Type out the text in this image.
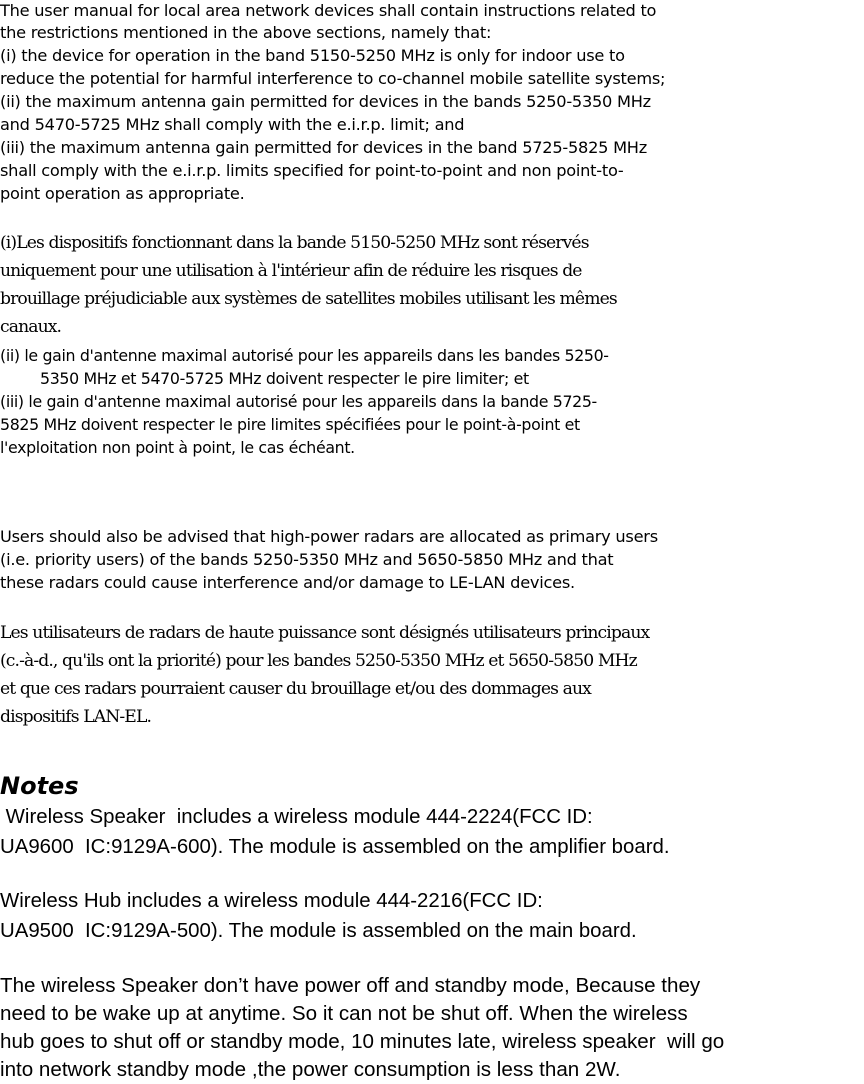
The user manual for local area network devices shall contain instructions related to

the restrictions mentioned in the above sections, namely that:

(i) the device for operation in the band 5150-5250 MHz is only for indoor use to

reduce the potential for harmful interference to co-channel mobile satellite systems;

(ii) the maximum antenna gain permitted for devices in the bands 5250-5350 MHz

and 5470-5725 MHz shall comply with the e.i.r.p. limit; and

(iii) the maximum antenna gain permitted for devices in the band 5725-5825 MHz

shall comply with the e.i.r.p. limits specified for point-to-point and non point-to-

point operation as appropriate.

(i)Les dispositifs fonctionnant dans la bande 5150-5250 MHz sont réservés

uniquement pour une utilisation à l'intérieur afin de réduire les risques de

brouillage préjudiciable aux systèmes de satellites mobiles utilisant les mêmes

canaux.

(ii) le gain d'antenne maximal autorisé pour les appareils dans les bandes 5250-

5350 MHz et 5470-5725 MHz doivent respecter le pire limiter; et

(iii) le gain d'antenne maximal autorisé pour les appareils dans la bande 5725-

5825 MHz doivent respecter le pire limites spécifiées pour le point-à-point et

l'exploitation non point à point, le cas échéant.

Users should also be advised that high-power radars are allocated as primary users

(i.e. priority users) of the bands 5250-5350 MHz and 5650-5850 MHz and that

these radars could cause interference and/or damage to LE-LAN devices.

Les utilisateurs de radars de haute puissance sont désignés utilisateurs principaux

(c.-à-d., qu'ils ont la priorité) pour les bandes 5250-5350 MHz et 5650-5850 MHz

et que ces radars pourraient causer du brouillage et/ou des dommages aux

dispositifs LAN-EL.

Notes

Wireless Speaker  includes a wireless module 444-2224(FCC ID:

UA9600  IC:9129A-600). The module is assembled on the amplifier board.

Wireless Hub includes a wireless module 444-2216(FCC ID:

UA9500  IC:9129A-500). The module is assembled on the main board.

The wireless Speaker don’t have power off and standby mode, Because they

need to be wake up at anytime. So it can not be shut off. When the wireless

hub goes to shut off or standby mode, 10 minutes late, wireless speaker  will go

into network standby mode ,the power consumption is less than 2W.
